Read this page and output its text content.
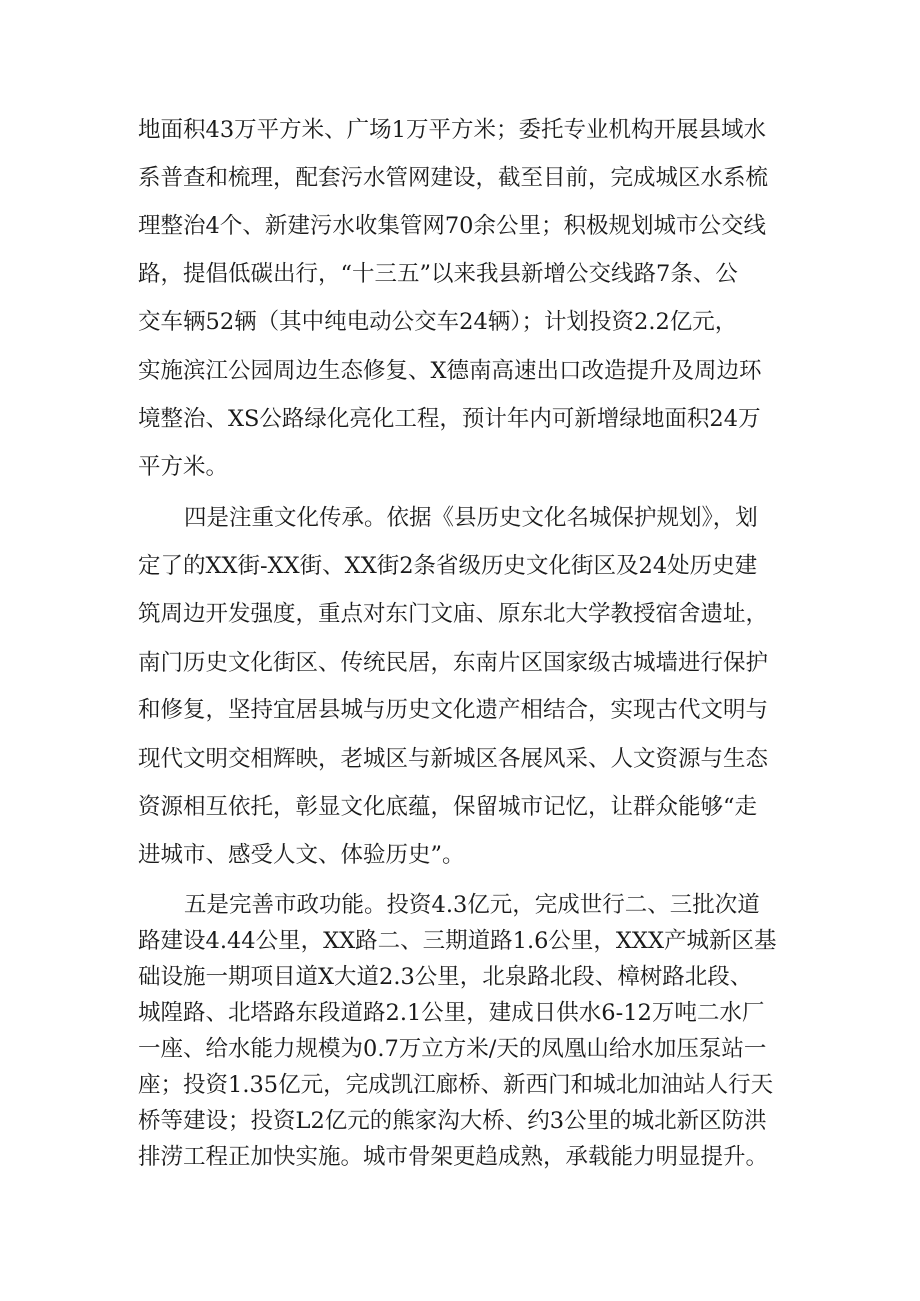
地面积43万平方米、广场1万平方米；委托专业机构开展县域水
系普查和梳理，配套污水管网建设，截至目前，完成城区水系梳
理整治4个、新建污水收集管网70余公里；积极规划城市公交线
路，提倡低碳出行，“十三五”以来我县新增公交线路7条、公
交车辆52辆（其中纯电动公交车24辆）；计划投资2.2亿元，
实施滨江公园周边生态修复、X德南高速出口改造提升及周边环
境整治、XS公路绿化亮化工程，预计年内可新增绿地面积24万
平方米。
四是注重文化传承。依据《县历史文化名城保护规划》，划
定了的XX街-XX街、XX街2条省级历史文化街区及24处历史建
筑周边开发强度，重点对东门文庙、原东北大学教授宿舍遗址，
南门历史文化街区、传统民居，东南片区国家级古城墙进行保护
和修复，坚持宜居县城与历史文化遗产相结合，实现古代文明与
现代文明交相辉映，老城区与新城区各展风采、人文资源与生态
资源相互依托，彰显文化底蕴，保留城市记忆，让群众能够“走
进城市、感受人文、体验历史”。
五是完善市政功能。投资4.3亿元，完成世行二、三批次道
路建设4.44公里，XX路二、三期道路1.6公里，XXX产城新区基
础设施一期项目道X大道2.3公里，北泉路北段、樟树路北段、
城隍路、北塔路东段道路2.1公里，建成日供水6-12万吨二水厂
一座、给水能力规模为0.7万立方米/天的凤凰山给水加压泵站一
座；投资1.35亿元，完成凯江廊桥、新西门和城北加油站人行天
桥等建设；投资L2亿元的熊家沟大桥、约3公里的城北新区防洪
排涝工程正加快实施。城市骨架更趋成熟，承载能力明显提升。
